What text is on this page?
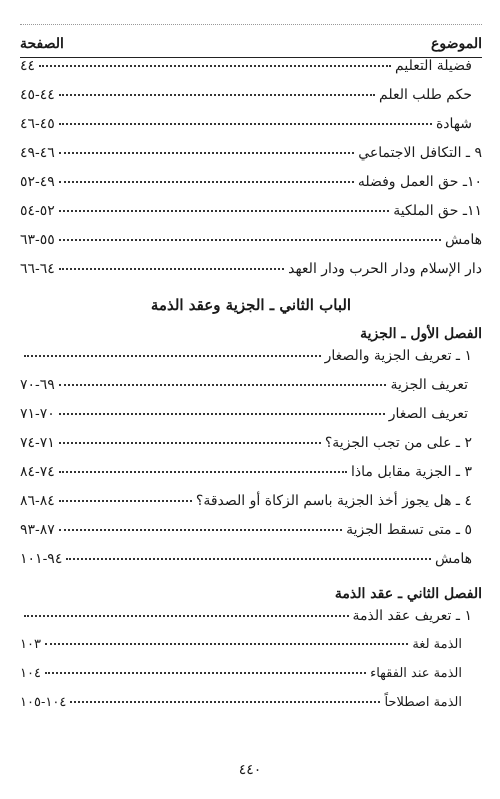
الموضوع
الصفحة
فضيلة التعليم
٤٤
حكم طلب العلم
٤٤-٤٥
شهادة
٤٥-٤٦
٩ ـ التكافل الاجتماعي
٤٦-٤٩
١٠ـ حق العمل وفضله
٤٩-٥٢
١١ـ حق الملكية
٥٢-٥٤
هامش
٥٥-٦٣
دار الإسلام ودار الحرب ودار العهد
٦٤-٦٦
الباب الثاني ـ الجزية وعقد الذمة
الفصل الأول ـ الجزية
١ ـ تعريف الجزية والصغار
تعريف الجزية
٦٩-٧٠
تعريف الصغار
٧٠-٧١
٢ ـ على من تجب الجزية؟
٧١-٧٤
٣ ـ الجزية مقابل ماذا
٧٤-٨٤
٤ ـ هل يجوز أخذ الجزية باسم الزكاة أو الصدقة؟
٨٤-٨٦
٥ ـ متى تسقط الجزية
٨٧-٩٣
هامش
٩٤-١٠١
الفصل الثاني ـ عقد الذمة
١ ـ تعريف عقد الذمة
الذمة لغة
١٠٣
الذمة عند الفقهاء
١٠٤
الذمة اصطلاحاً
١٠٤-١٠٥
٤٤٠
